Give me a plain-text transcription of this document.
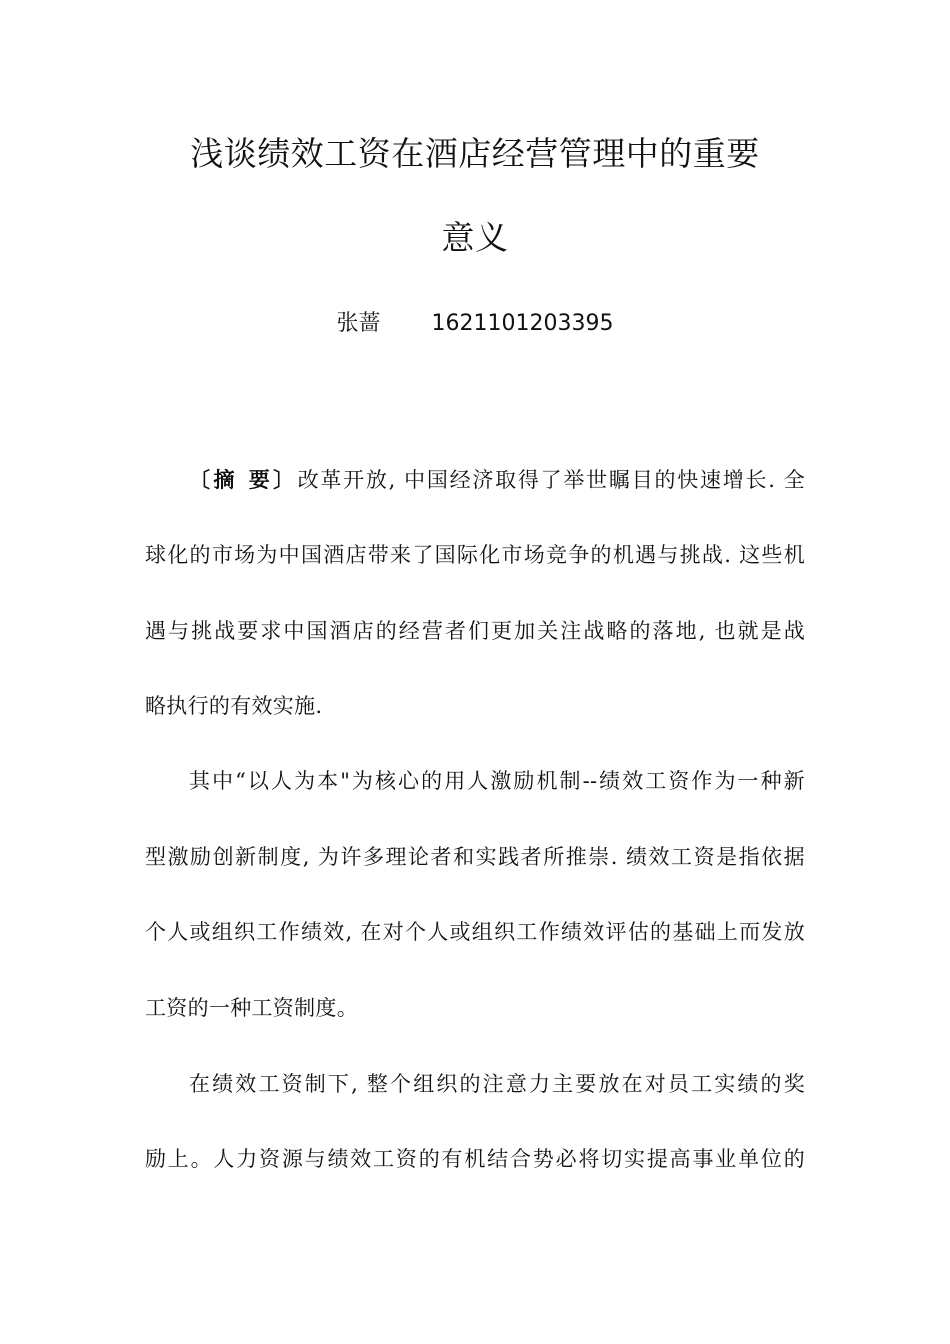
浅谈绩效工资在酒店经营管理中的重要
意义
张蔷 1621101203395
〔摘 要〕改革开放, 中国经济取得了举世瞩目的快速增长. 全
球化的市场为中国酒店带来了国际化市场竞争的机遇与挑战. 这些机
遇与挑战要求中国酒店的经营者们更加关注战略的落地, 也就是战
略执行的有效实施.
其中“以人为本"为核心的用人激励机制--绩效工资作为一种新
型激励创新制度, 为许多理论者和实践者所推崇. 绩效工资是指依据
个人或组织工作绩效, 在对个人或组织工作绩效评估的基础上而发放
工资的一种工资制度。
在绩效工资制下, 整个组织的注意力主要放在对员工实绩的奖
励上。人力资源与绩效工资的有机结合势必将切实提高事业单位的
